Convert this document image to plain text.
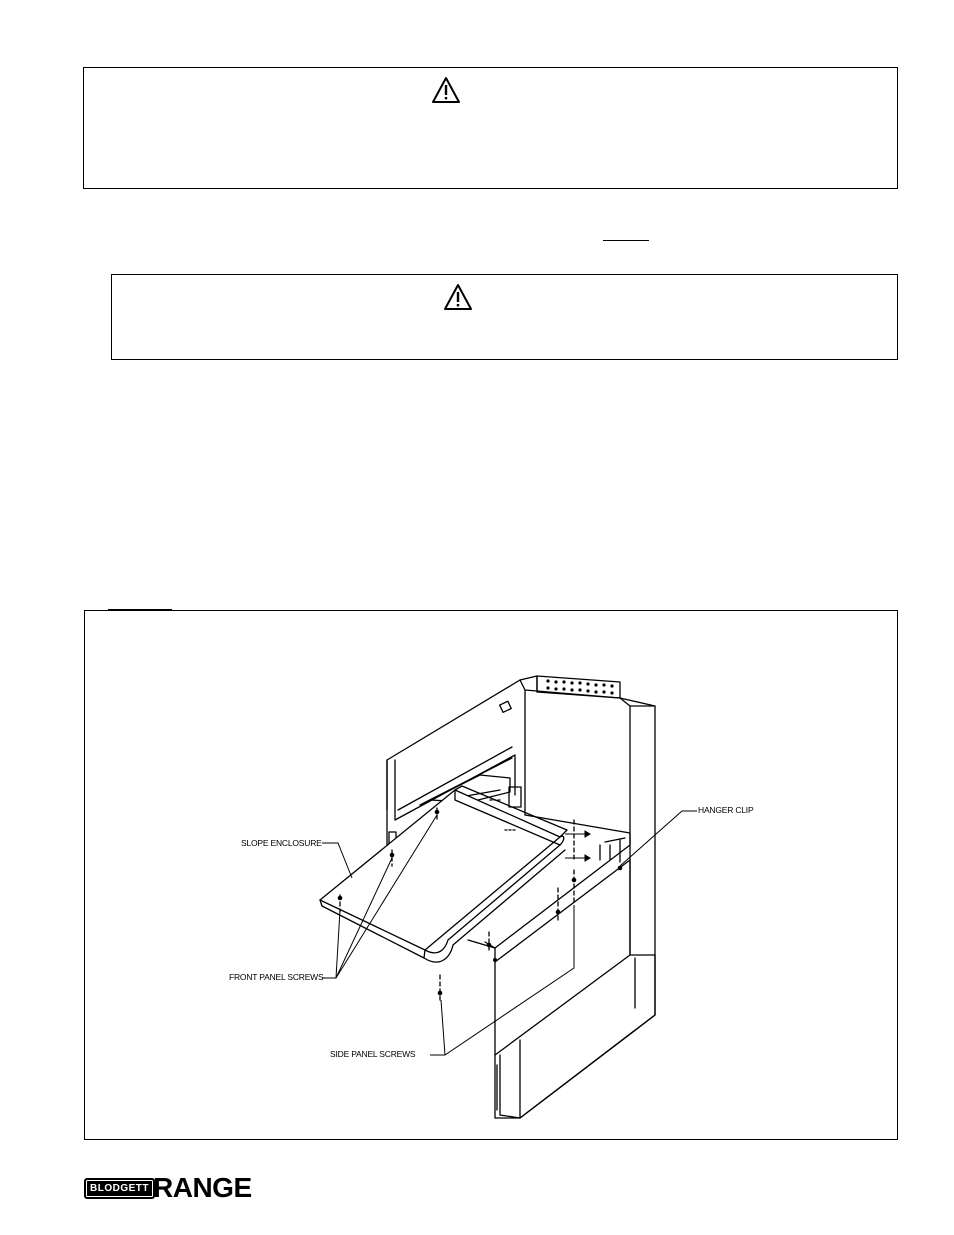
SLOPE ENCLOSURE
HANGER CLIP
FRONT PANEL SCREWS
SIDE PANEL SCREWS
BLODGETT RANGE
